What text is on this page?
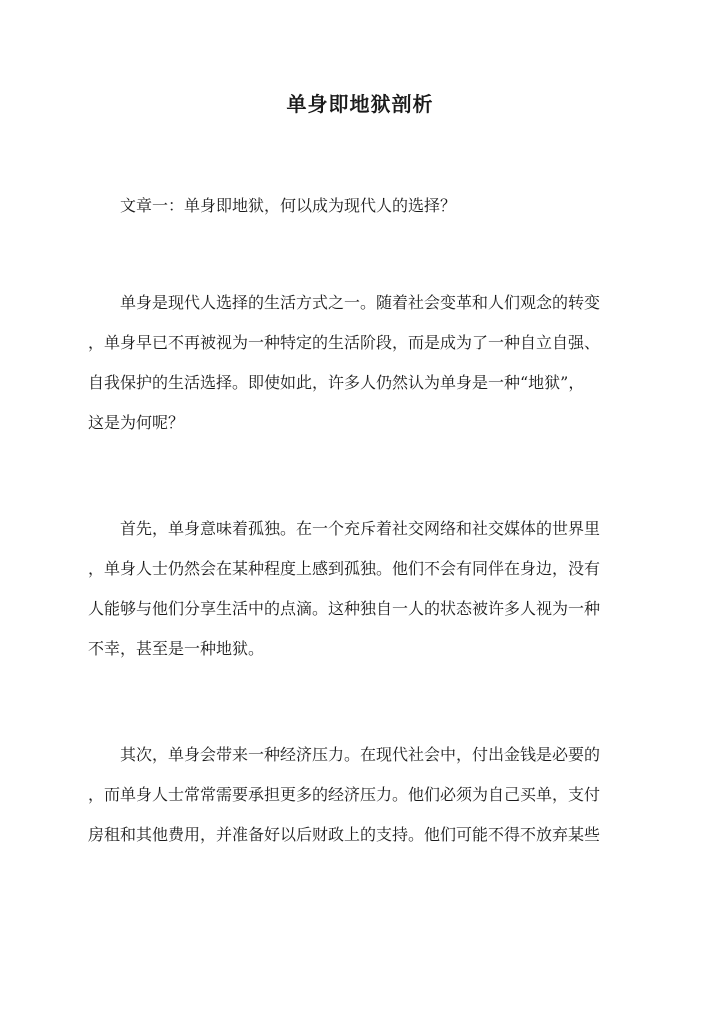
单身即地狱剖析
文章一：单身即地狱，何以成为现代人的选择？
单身是现代人选择的生活方式之一。随着社会变革和人们观念的转变
，单身早已不再被视为一种特定的生活阶段，而是成为了一种自立自强、
自我保护的生活选择。即使如此，许多人仍然认为单身是一种“地狱”，
这是为何呢？
首先，单身意味着孤独。在一个充斥着社交网络和社交媒体的世界里
，单身人士仍然会在某种程度上感到孤独。他们不会有同伴在身边，没有
人能够与他们分享生活中的点滴。这种独自一人的状态被许多人视为一种
不幸，甚至是一种地狱。
其次，单身会带来一种经济压力。在现代社会中，付出金钱是必要的
，而单身人士常常需要承担更多的经济压力。他们必须为自己买单，支付
房租和其他费用，并准备好以后财政上的支持。他们可能不得不放弃某些
